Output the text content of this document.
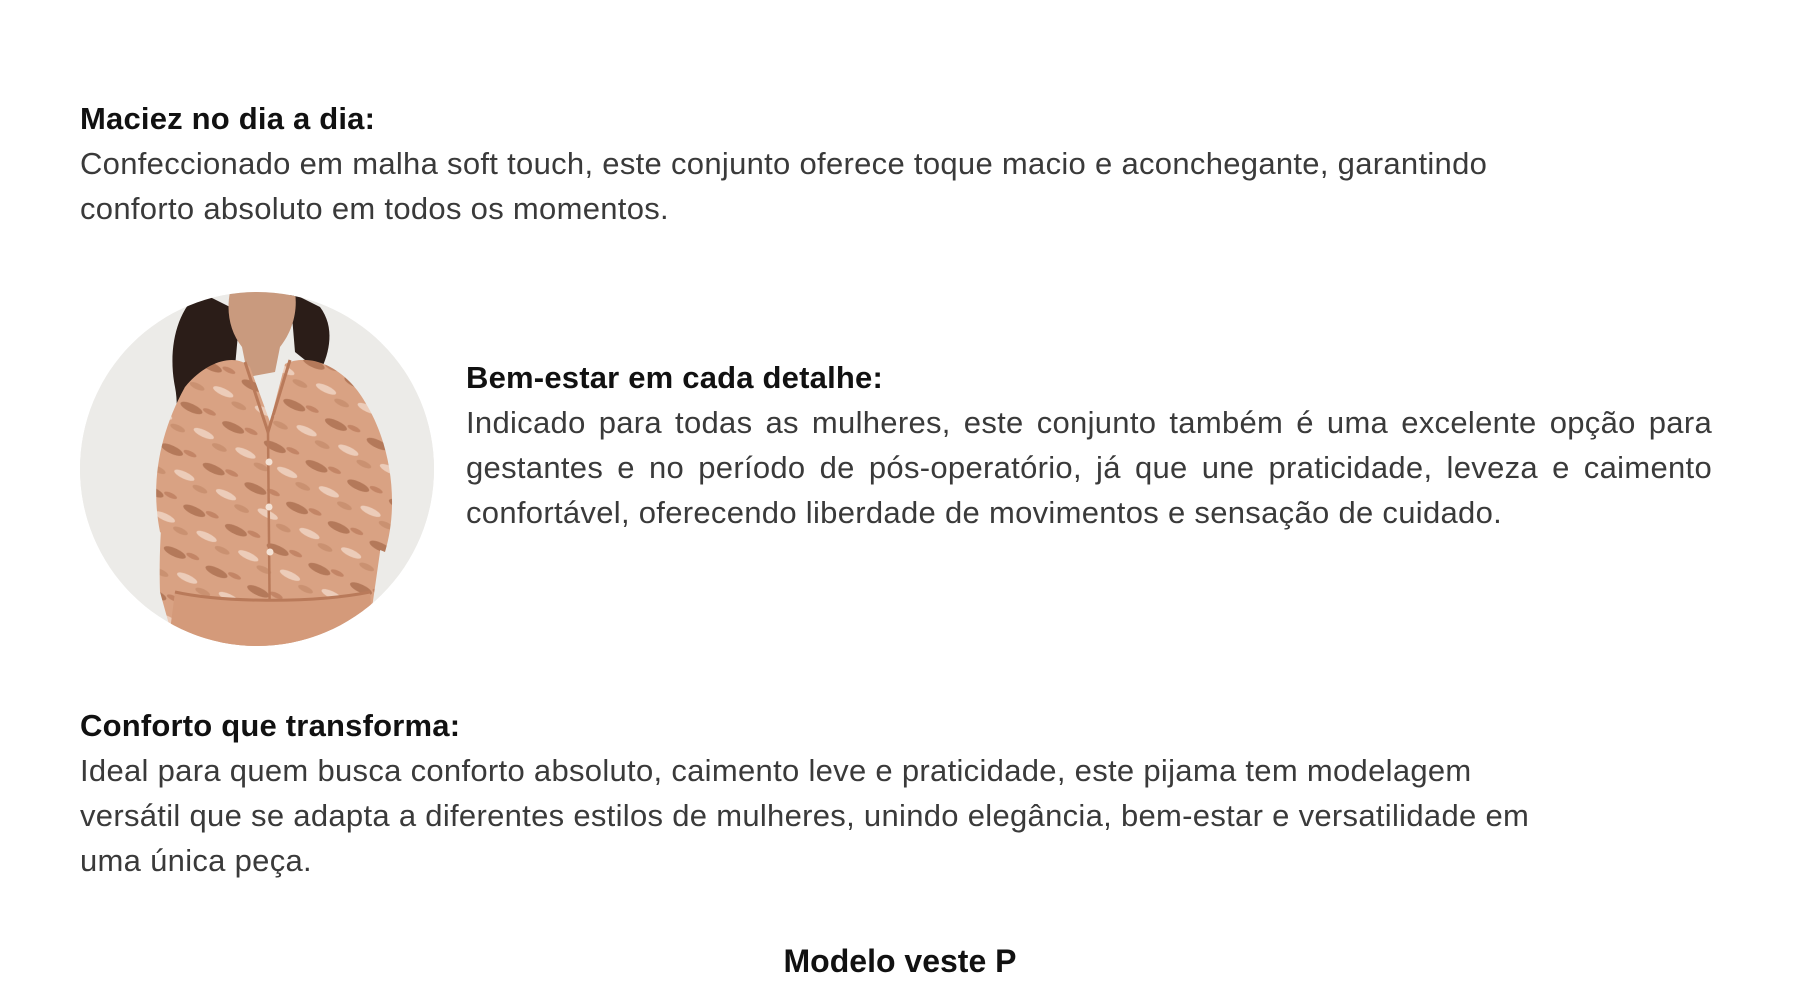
Maciez no dia a dia:

Confeccionado em malha soft touch, este conjunto oferece toque macio e aconchegante, garantindo conforto absoluto em todos os momentos.

Bem-estar em cada detalhe:

Indicado para todas as mulheres, este conjunto também é uma excelente opção para gestantes e no período de pós-operatório, já que une praticidade, leveza e caimento confortável, oferecendo liberdade de movimentos e sensação de cuidado.

Conforto que transforma:

Ideal para quem busca conforto absoluto, caimento leve e praticidade, este pijama tem modelagem versátil que se adapta a diferentes estilos de mulheres, unindo elegância, bem-estar e versatilidade em uma única peça.

Modelo veste P
